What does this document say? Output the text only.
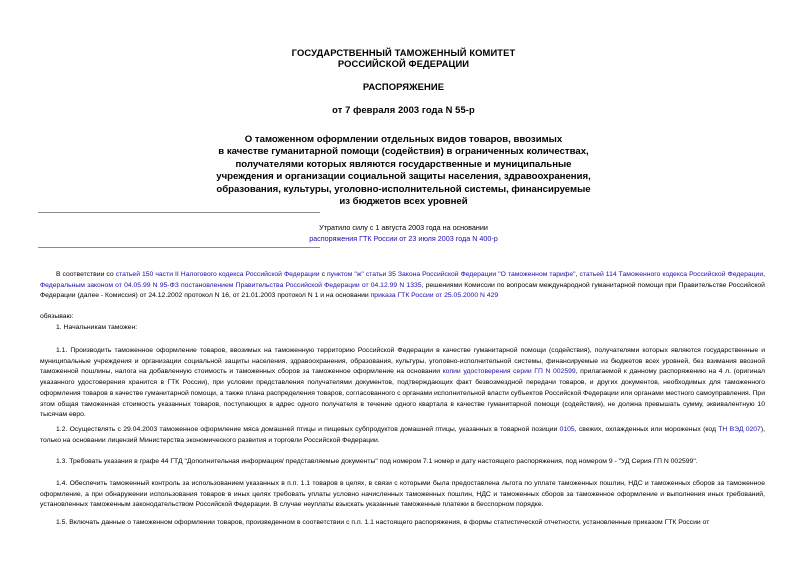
ГОСУДАРСТВЕННЫЙ ТАМОЖЕННЫЙ КОМИТЕТ
РОССИЙСКОЙ ФЕДЕРАЦИИ
РАСПОРЯЖЕНИЕ
от 7 февраля 2003 года N 55-р
О таможенном оформлении отдельных видов товаров, ввозимых
в качестве гуманитарной помощи (содействия) в ограниченных количествах,
получателями которых являются государственные и муниципальные
учреждения и организации социальной защиты населения, здравоохранения,
образования, культуры, уголовно-исполнительной системы, финансируемые
из бюджетов всех уровней
Утратило силу с 1 августа 2003 года на основании
распоряжения ГТК России от 23 июля 2003 года N 400-р
В соответствии со статьей 150 части II Налогового кодекса Российской Федерации с пунктом "ж" статьи 35 Закона Российской Федерации "О таможенном тарифе", статьей 114 Таможенного кодекса Российской Федерации, Федеральным законом от 04.05.99 N 95-ФЗ постановлением Правительства Российской Федерации от 04.12.99 N 1335, решениями Комиссии по вопросам международной гуманитарной помощи при Правительстве Российской Федерации (далее - Комиссия) от 24.12.2002 протокол N 16, от 21.01.2003 протокол N 1 и на основании приказа ГТК России от 25.05.2000 N 429
обязываю:
1. Начальникам таможен:
1.1. Производить таможенное оформление товаров, ввозимых на таможенную территорию Российской Федерации в качестве гуманитарной помощи (содействия), получателями которых являются государственные и муниципальные учреждения и организации социальной защиты населения, здравоохранения, образования, культуры, уголовно-исполнительной системы, финансируемые из бюджетов всех уровней, без взимания ввозной таможенной пошлины, налога на добавленную стоимость и таможенных сборов за таможенное оформление на основании копии удостоверения серии ГП N 002599, прилагаемой к данному распоряжению на 4 л. (оригинал указанного удостоверения хранится в ГТК России), при условии представления получателями документов, подтверждающих факт безвозмездной передачи товаров, и других документов, необходимых для таможенного оформления товаров в качестве гуманитарной помощи, а также плана распределения товаров, согласованного с органами исполнительной власти субъектов Российской Федерации или органами местного самоуправления. При этом общая таможенная стоимость указанных товаров, поступающих в адрес одного получателя в течение одного квартала в качестве гуманитарной помощи (содействия), не должна превышать сумму, эквивалентную 10 тысячам евро.
1.2. Осуществлять с 29.04.2003 таможенное оформление мяса домашней птицы и пищевых субпродуктов домашней птицы, указанных в товарной позиции 0105, свежих, охлажденных или мороженых (код ТН ВЭД 0207), только на основании лицензий Министерства экономического развития и торговли Российской Федерации.
1.3. Требовать указания в графе 44 ГТД "Дополнительная информация/ представляемые документы" под номером 7.1 номер и дату настоящего распоряжения, под номером 9 - "УД Серия ГП N 002599".
1.4. Обеспечить таможенный контроль за использованием указанных в п.п. 1.1 товаров в целях, в связи с которыми была предоставлена льгота по уплате таможенных пошлин, НДС и таможенных сборов за таможенное оформление, а при обнаружении использования товаров в иных целях требовать уплаты условно начисленных таможенных пошлин, НДС и таможенных сборов за таможенное оформление и выполнения иных требований, установленных таможенным законодательством Российской Федерации. В случае неуплаты взыскать указанные таможенные платежи в бесспорном порядке.
1.5. Включать данные о таможенном оформлении товаров, произведенном в соответствии с п.п. 1.1 настоящего распоряжения, в формы статистической отчетности, установленные приказом ГТК России от
